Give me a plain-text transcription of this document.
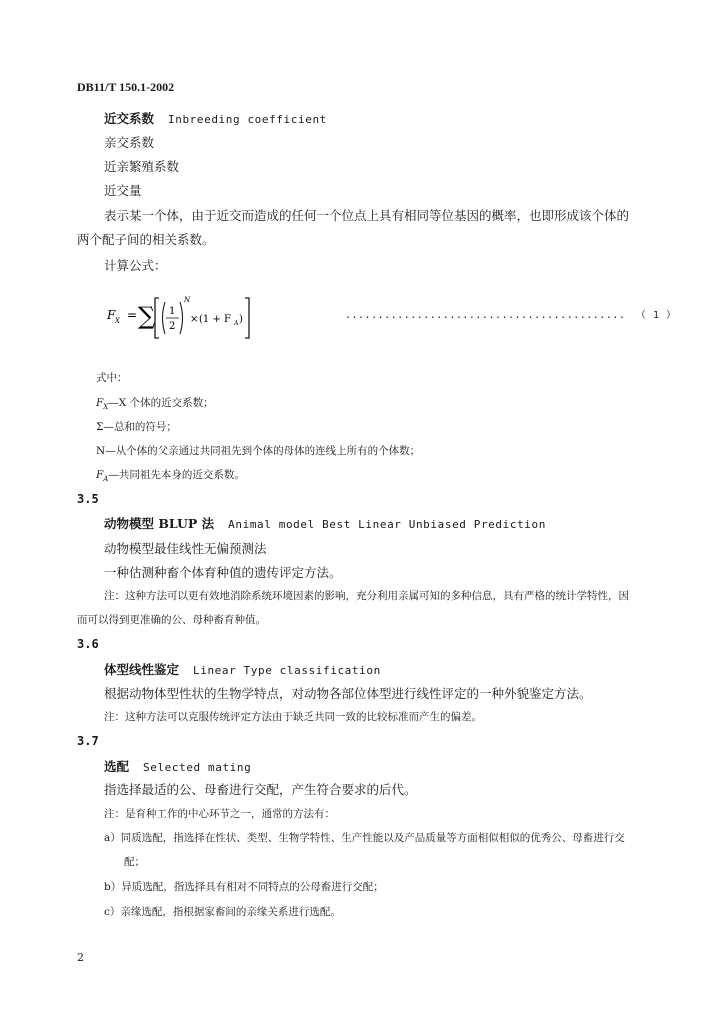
DB11/T 150.1-2002
近交系数 Inbreeding coefficient
亲交系数
近亲繁殖系数
近交量
表示某一个体，由于近交而造成的任何一个位点上具有相同等位基因的概率，也即形成该个体的
两个配子间的相关系数。
计算公式：
F X = ∑ 1
2
N
× (1 + F A )	........................................... （ 1 ）
式中：
$F_X—X$ 个体的近交系数；
Σ—总和的符号；
N—从个体的父亲通过共同祖先到个体的母体的连线上所有的个体数；
$F_A—$共同祖先本身的近交系数。
3.5
动物模型 BLUP 法 Animal model Best Linear Unbiased Prediction
动物模型最佳线性无偏预测法
一种估测种畜个体育种值的遗传评定方法。
注：这种方法可以更有效地消除系统环境因素的影响，充分利用亲属可知的多种信息，具有严格的统计学特性，因
而可以得到更准确的公、母种畜育种值。
3.6
体型线性鉴定 Linear Type classification
根据动物体型性状的生物学特点，对动物各部位体型进行线性评定的一种外貌鉴定方法。
注：这种方法可以克服传统评定方法由于缺乏共同一致的比较标准而产生的偏差。
3.7
选配 Selected mating
指选择最适的公、母畜进行交配，产生符合要求的后代。
注：是育种工作的中心环节之一，通常的方法有：
a）同质选配，指选择在性状、类型、生物学特性、生产性能以及产品质量等方面相似相似的优秀公、母畜进行交
配；
b）异质选配，指选择具有相对不同特点的公母畜进行交配；
c）亲缘选配，指根据家畜间的亲缘关系进行选配。
2
